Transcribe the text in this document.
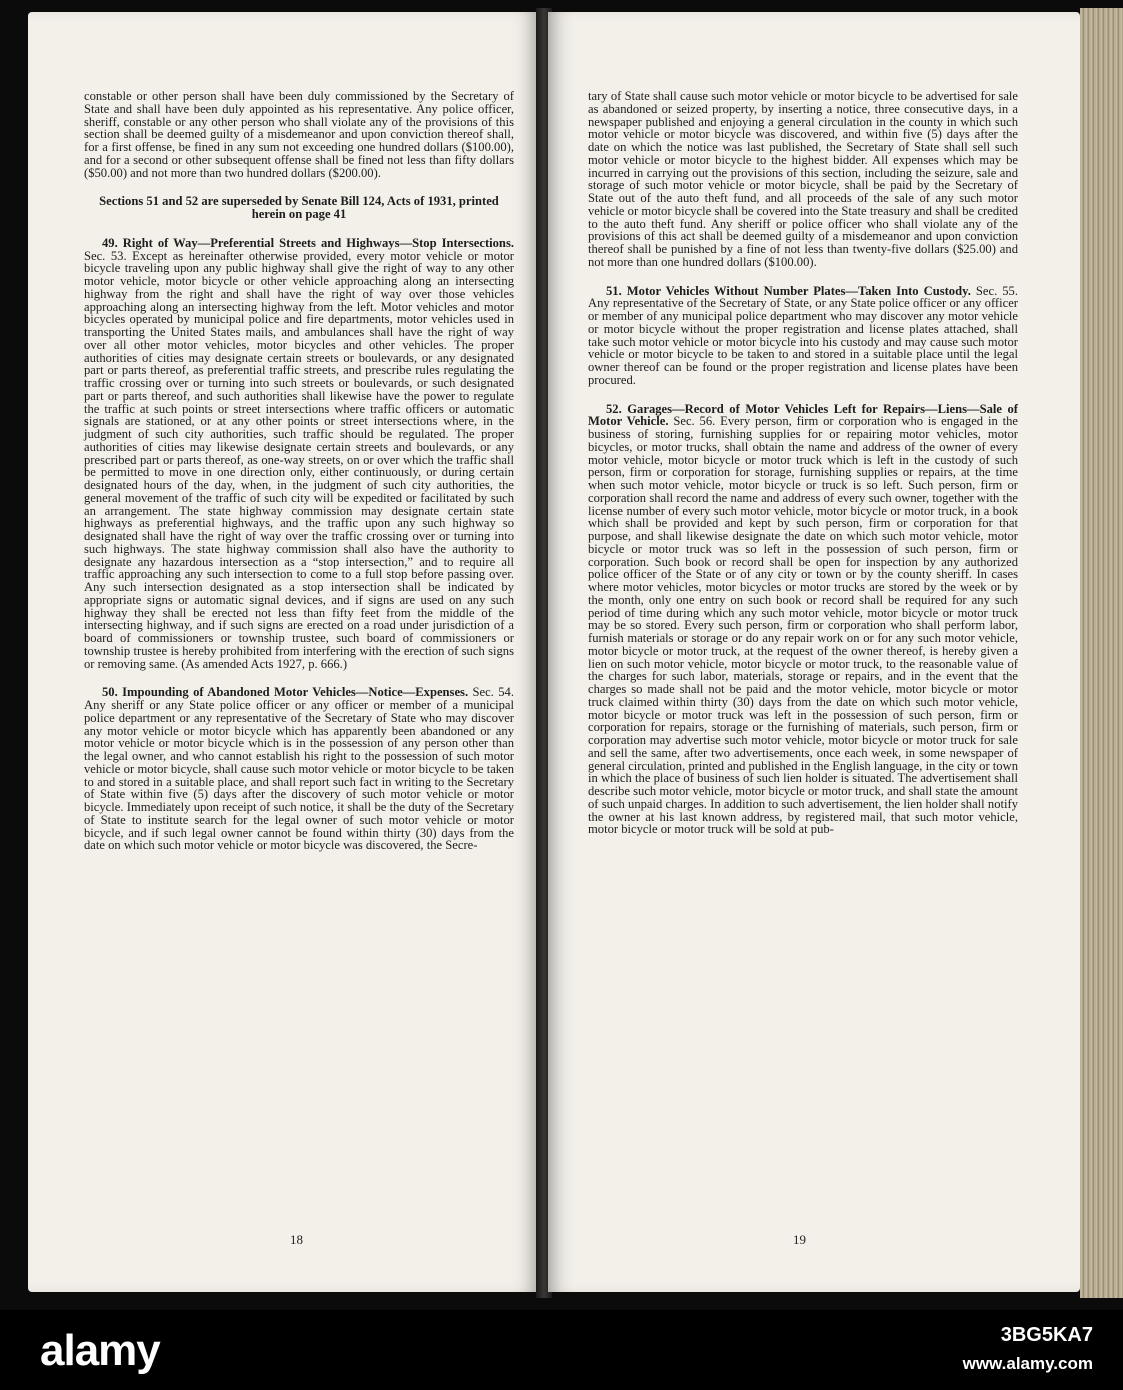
constable or other person shall have been duly commissioned by the Secretary of State and shall have been duly appointed as his representative. Any police officer, sheriff, constable or any other person who shall violate any of the provisions of this section shall be deemed guilty of a misdemeanor and upon conviction thereof shall, for a first offense, be fined in any sum not exceeding one hundred dollars ($100.00), and for a second or other subsequent offense shall be fined not less than fifty dollars ($50.00) and not more than two hundred dollars ($200.00).

Sections 51 and 52 are superseded by Senate Bill 124, Acts of 1931, printed herein on page 41

49. Right of Way—Preferential Streets and Highways—Stop Intersections. Sec. 53. Except as hereinafter otherwise provided, every motor vehicle or motor bicycle traveling upon any public highway shall give the right of way to any other motor vehicle, motor bicycle or other vehicle approaching along an intersecting highway from the right and shall have the right of way over those vehicles approaching along an intersecting highway from the left. Motor vehicles and motor bicycles operated by municipal police and fire departments, motor vehicles used in transporting the United States mails, and ambulances shall have the right of way over all other motor vehicles, motor bicycles and other vehicles. The proper authorities of cities may designate certain streets or boulevards, or any designated part or parts thereof, as preferential traffic streets, and prescribe rules regulating the traffic crossing over or turning into such streets or boulevards, or such designated part or parts thereof, and such authorities shall likewise have the power to regulate the traffic at such points or street intersections where traffic officers or automatic signals are stationed, or at any other points or street intersections where, in the judgment of such city authorities, such traffic should be regulated. The proper authorities of cities may likewise designate certain streets and boulevards, or any prescribed part or parts thereof, as one-way streets, on or over which the traffic shall be permitted to move in one direction only, either continuously, or during certain designated hours of the day, when, in the judgment of such city authorities, the general movement of the traffic of such city will be expedited or facilitated by such an arrangement. The state highway commission may designate certain state highways as preferential highways, and the traffic upon any such highway so designated shall have the right of way over the traffic crossing over or turning into such highways. The state highway commission shall also have the authority to designate any hazardous intersection as a “stop intersection,” and to require all traffic approaching any such intersection to come to a full stop before passing over. Any such intersection designated as a stop intersection shall be indicated by appropriate signs or automatic signal devices, and if signs are used on any such highway they shall be erected not less than fifty feet from the middle of the intersecting highway, and if such signs are erected on a road under jurisdiction of a board of commissioners or township trustee, such board of commissioners or township trustee is hereby prohibited from interfering with the erection of such signs or removing same. (As amended Acts 1927, p. 666.)

50. Impounding of Abandoned Motor Vehicles—Notice—Expenses. Sec. 54. Any sheriff or any State police officer or any officer or member of a municipal police department or any representative of the Secretary of State who may discover any motor vehicle or motor bicycle which has apparently been abandoned or any motor vehicle or motor bicycle which is in the possession of any person other than the legal owner, and who cannot establish his right to the possession of such motor vehicle or motor bicycle, shall cause such motor vehicle or motor bicycle to be taken to and stored in a suitable place, and shall report such fact in writing to the Secretary of State within five (5) days after the discovery of such motor vehicle or motor bicycle. Immediately upon receipt of such notice, it shall be the duty of the Secretary of State to institute search for the legal owner of such motor vehicle or motor bicycle, and if such legal owner cannot be found within thirty (30) days from the date on which such motor vehicle or motor bicycle was discovered, the Secre-

18

tary of State shall cause such motor vehicle or motor bicycle to be advertised for sale as abandoned or seized property, by inserting a notice, three consecutive days, in a newspaper published and enjoying a general circulation in the county in which such motor vehicle or motor bicycle was discovered, and within five (5) days after the date on which the notice was last published, the Secretary of State shall sell such motor vehicle or motor bicycle to the highest bidder. All expenses which may be incurred in carrying out the provisions of this section, including the seizure, sale and storage of such motor vehicle or motor bicycle, shall be paid by the Secretary of State out of the auto theft fund, and all proceeds of the sale of any such motor vehicle or motor bicycle shall be covered into the State treasury and shall be credited to the auto theft fund. Any sheriff or police officer who shall violate any of the provisions of this act shall be deemed guilty of a misdemeanor and upon conviction thereof shall be punished by a fine of not less than twenty-five dollars ($25.00) and not more than one hundred dollars ($100.00).

51. Motor Vehicles Without Number Plates—Taken Into Custody. Sec. 55. Any representative of the Secretary of State, or any State police officer or any officer or member of any municipal police department who may discover any motor vehicle or motor bicycle without the proper registration and license plates attached, shall take such motor vehicle or motor bicycle into his custody and may cause such motor vehicle or motor bicycle to be taken to and stored in a suitable place until the legal owner thereof can be found or the proper registration and license plates have been procured.

52. Garages—Record of Motor Vehicles Left for Repairs—Liens—Sale of Motor Vehicle. Sec. 56. Every person, firm or corporation who is engaged in the business of storing, furnishing supplies for or repairing motor vehicles, motor bicycles, or motor trucks, shall obtain the name and address of the owner of every motor vehicle, motor bicycle or motor truck which is left in the custody of such person, firm or corporation for storage, furnishing supplies or repairs, at the time when such motor vehicle, motor bicycle or truck is so left. Such person, firm or corporation shall record the name and address of every such owner, together with the license number of every such motor vehicle, motor bicycle or motor truck, in a book which shall be provided and kept by such person, firm or corporation for that purpose, and shall likewise designate the date on which such motor vehicle, motor bicycle or motor truck was so left in the possession of such person, firm or corporation. Such book or record shall be open for inspection by any authorized police officer of the State or of any city or town or by the county sheriff. In cases where motor vehicles, motor bicycles or motor trucks are stored by the week or by the month, only one entry on such book or record shall be required for any such period of time during which any such motor vehicle, motor bicycle or motor truck may be so stored. Every such person, firm or corporation who shall perform labor, furnish materials or storage or do any repair work on or for any such motor vehicle, motor bicycle or motor truck, at the request of the owner thereof, is hereby given a lien on such motor vehicle, motor bicycle or motor truck, to the reasonable value of the charges for such labor, materials, storage or repairs, and in the event that the charges so made shall not be paid and the motor vehicle, motor bicycle or motor truck claimed within thirty (30) days from the date on which such motor vehicle, motor bicycle or motor truck was left in the possession of such person, firm or corporation for repairs, storage or the furnishing of materials, such person, firm or corporation may advertise such motor vehicle, motor bicycle or motor truck for sale and sell the same, after two advertisements, once each week, in some newspaper of general circulation, printed and published in the English language, in the city or town in which the place of business of such lien holder is situated. The advertisement shall describe such motor vehicle, motor bicycle or motor truck, and shall state the amount of such unpaid charges. In addition to such advertisement, the lien holder shall notify the owner at his last known address, by registered mail, that such motor vehicle, motor bicycle or motor truck will be sold at pub-

19
alamy	3BG5KA7
www.alamy.com
